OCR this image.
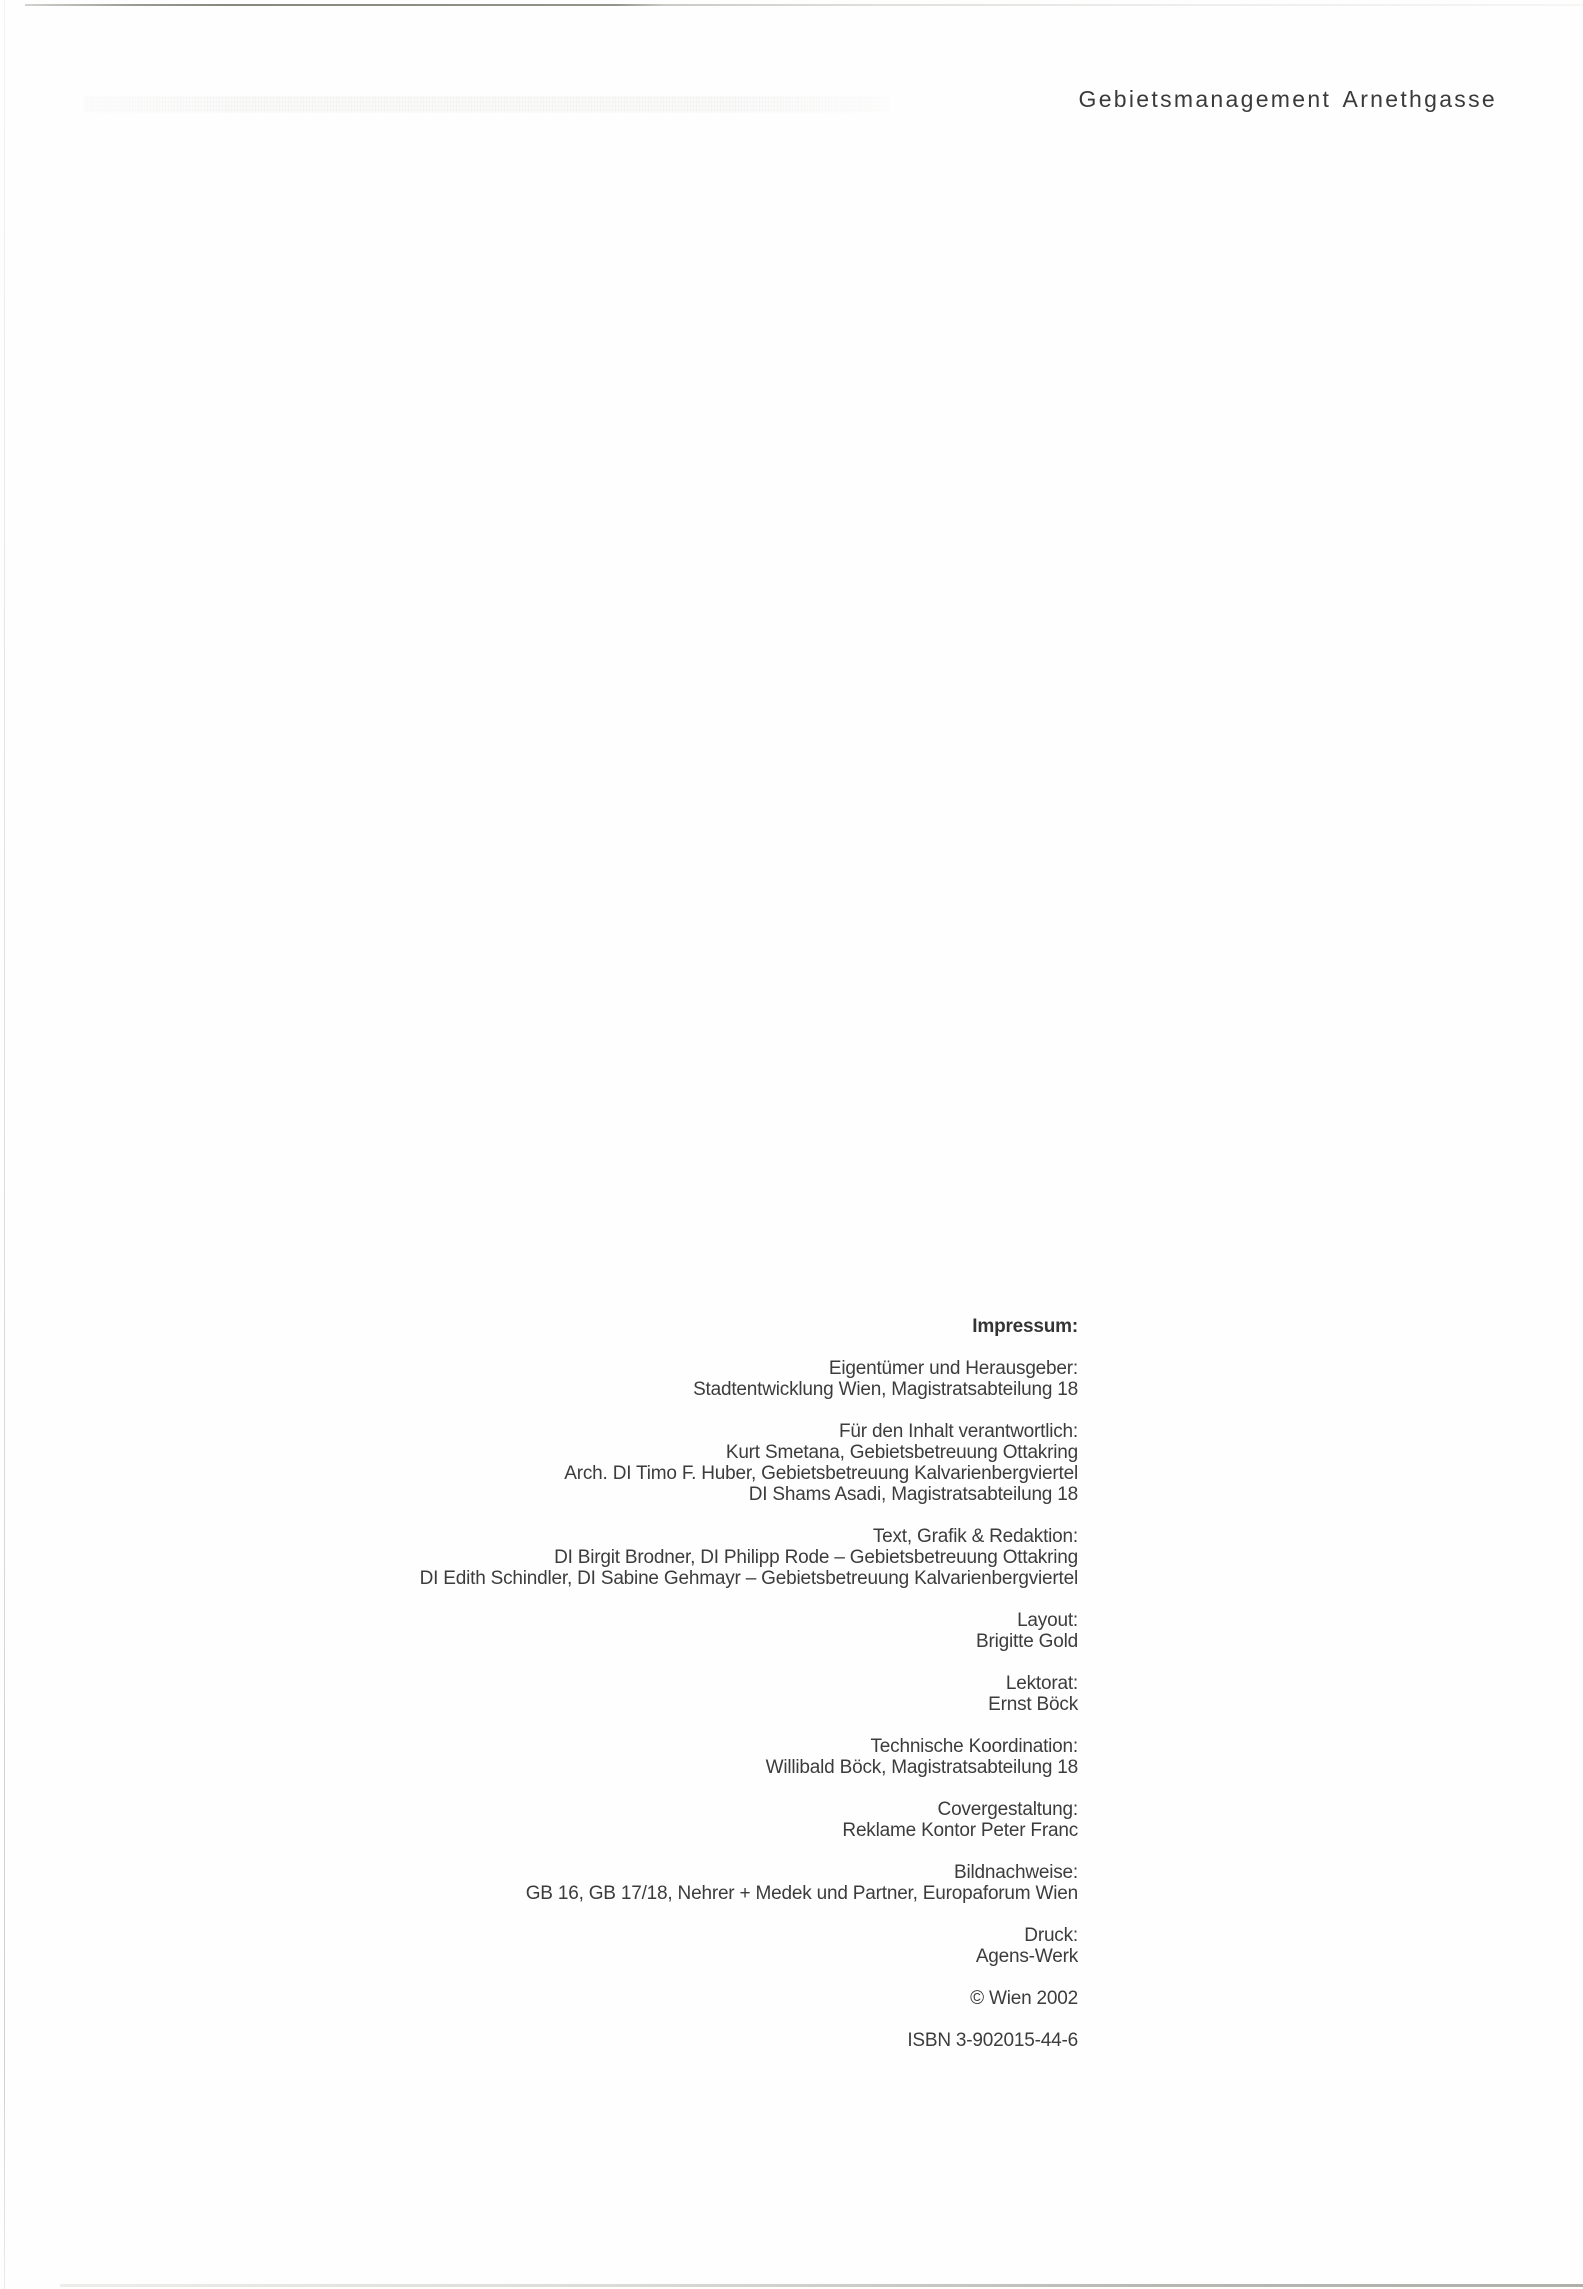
Gebietsmanagement Arnethgasse

Impressum:

Eigentümer und Herausgeber:
Stadtentwicklung Wien, Magistratsabteilung 18

Für den Inhalt verantwortlich:
Kurt Smetana, Gebietsbetreuung Ottakring
Arch. DI Timo F. Huber, Gebietsbetreuung Kalvarienbergviertel
DI Shams Asadi, Magistratsabteilung 18

Text, Grafik & Redaktion:
DI Birgit Brodner, DI Philipp Rode – Gebietsbetreuung Ottakring
DI Edith Schindler, DI Sabine Gehmayr – Gebietsbetreuung Kalvarienbergviertel

Layout:
Brigitte Gold

Lektorat:
Ernst Böck

Technische Koordination:
Willibald Böck, Magistratsabteilung 18

Covergestaltung:
Reklame Kontor Peter Franc

Bildnachweise:
GB 16, GB 17/18, Nehrer + Medek und Partner, Europaforum Wien

Druck:
Agens-Werk

© Wien 2002

ISBN 3-902015-44-6
